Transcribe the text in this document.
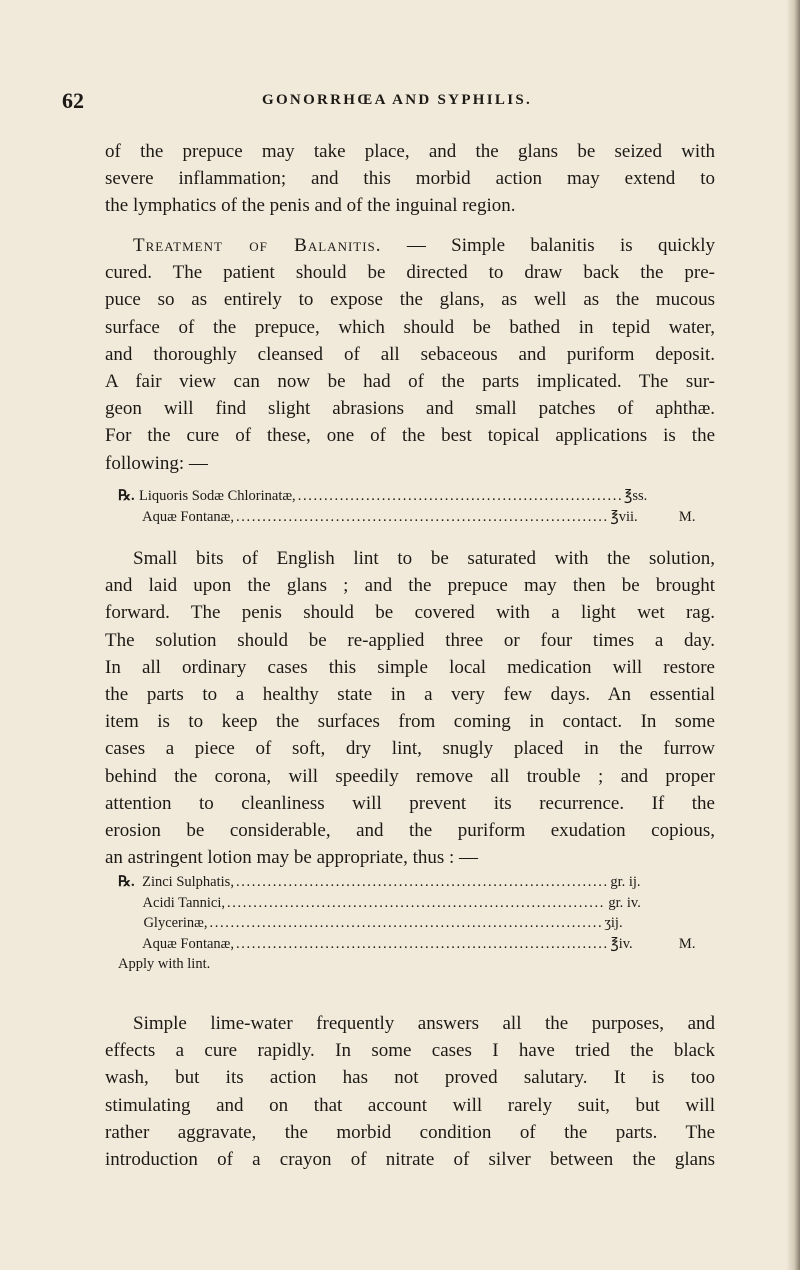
62	GONORRHŒA AND SYPHILIS.
of the prepuce may take place, and the glans be seized with
severe inflammation; and this morbid action may extend to
the lymphatics of the penis and of the inguinal region.
Treatment of Balanitis. — Simple balanitis is quickly
cured. The patient should be directed to draw back the pre-
puce so as entirely to expose the glans, as well as the mucous
surface of the prepuce, which should be bathed in tepid water,
and thoroughly cleansed of all sebaceous and puriform deposit.
A fair view can now be had of the parts implicated. The sur-
geon will find slight abrasions and small patches of aphthæ.
For the cure of these, one of the best topical applications is the
following: —
℞. Liquoris Sodæ Chlorinatæ, . . .	℥ss.
Aquæ Fontanæ, . . .	℥vii.	M.
Small bits of English lint to be saturated with the solution,
and laid upon the glans ; and the prepuce may then be brought
forward. The penis should be covered with a light wet rag.
The solution should be re-applied three or four times a day.
In all ordinary cases this simple local medication will restore
the parts to a healthy state in a very few days. An essential
item is to keep the surfaces from coming in contact. In some
cases a piece of soft, dry lint, snugly placed in the furrow
behind the corona, will speedily remove all trouble ; and proper
attention to cleanliness will prevent its recurrence. If the
erosion be considerable, and the puriform exudation copious,
an astringent lotion may be appropriate, thus : —
℞. Zinci Sulphatis, . . .	gr. ij.
Acidi Tannici, . . .	gr. iv.
Glycerinæ, . . .	ʒij.
Aquæ Fontanæ, . . .	℥iv.	M.
Apply with lint.
Simple lime-water frequently answers all the purposes, and
effects a cure rapidly. In some cases I have tried the black
wash, but its action has not proved salutary. It is too
stimulating and on that account will rarely suit, but will
rather aggravate, the morbid condition of the parts. The
introduction of a crayon of nitrate of silver between the glans
